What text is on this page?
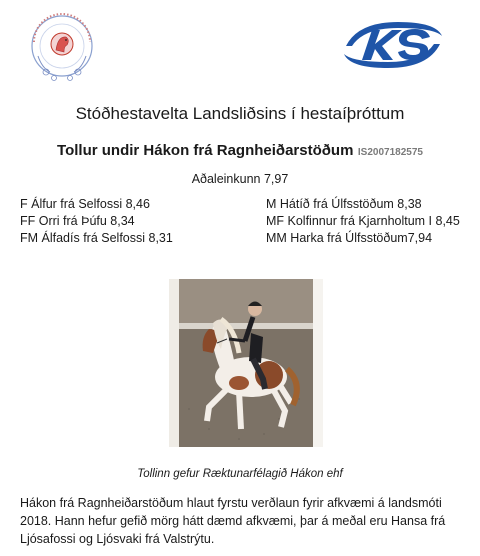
Stóðhestavelta Landsliðsins í hestaíþróttum
Tollur undir Hákon frá Ragnheiðarstöðum IS2007182575
Aðaleinkunn 7,97
F Álfur frá Selfossi 8,46
FF Orri frá Þúfu 8,34
FM Álfadís frá Selfossi 8,31
M Hátíð frá Úlfsstöðum 8,38
MF Kolfinnur frá Kjarnholtum I 8,45
MM Harka frá Úlfsstöðum7,94
Tollinn gefur Ræktunarfélagið Hákon ehf
Hákon frá Ragnheiðarstöðum hlaut fyrstu verðlaun fyrir afkvæmi á landsmóti 2018. Hann hefur gefið mörg hátt dæmd afkvæmi, þar á meðal eru Hansa frá Ljósafossi og Ljósvaki frá Valstrýtu.
